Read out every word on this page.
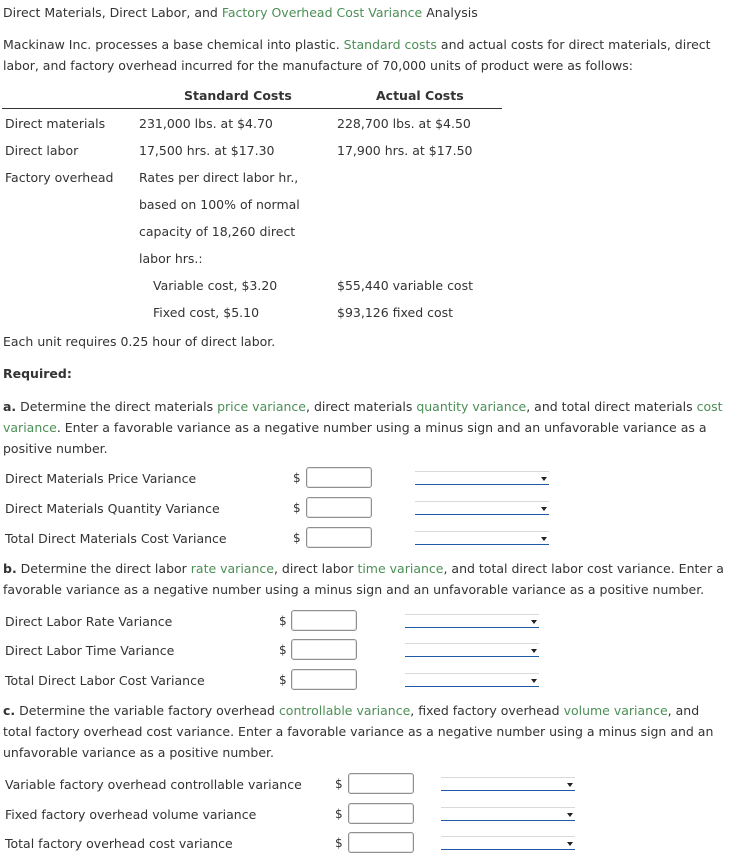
Direct Materials, Direct Labor, and Factory Overhead Cost Variance Analysis
Mackinaw Inc. processes a base chemical into plastic. Standard costs and actual costs for direct materials, direct labor, and factory overhead incurred for the manufacture of 70,000 units of product were as follows:
Standard Costs	Actual Costs
Direct materials	231,000 lbs. at $4.70	228,700 lbs. at $4.50
Direct labor	17,500 hrs. at $17.30	17,900 hrs. at $17.50
Factory overhead Rates per direct labor hr.,
based on 100% of normal
capacity of 18,260 direct
labor hrs.:
Variable cost, $3.20	$55,440 variable cost
Fixed cost, $5.10	$93,126 fixed cost
Each unit requires 0.25 hour of direct labor.
Required:
a. Determine the direct materials price variance, direct materials quantity variance, and total direct materials cost variance. Enter a favorable variance as a negative number using a minus sign and an unfavorable variance as a positive number.
Direct Materials Price Variance	$
Direct Materials Quantity Variance	$
Total Direct Materials Cost Variance	$
b. Determine the direct labor rate variance, direct labor time variance, and total direct labor cost variance. Enter a favorable variance as a negative number using a minus sign and an unfavorable variance as a positive number.
Direct Labor Rate Variance	$
Direct Labor Time Variance	$
Total Direct Labor Cost Variance	$
c. Determine the variable factory overhead controllable variance, fixed factory overhead volume variance, and total factory overhead cost variance. Enter a favorable variance as a negative number using a minus sign and an unfavorable variance as a positive number.
Variable factory overhead controllable variance	$
Fixed factory overhead volume variance	$
Total factory overhead cost variance	$
